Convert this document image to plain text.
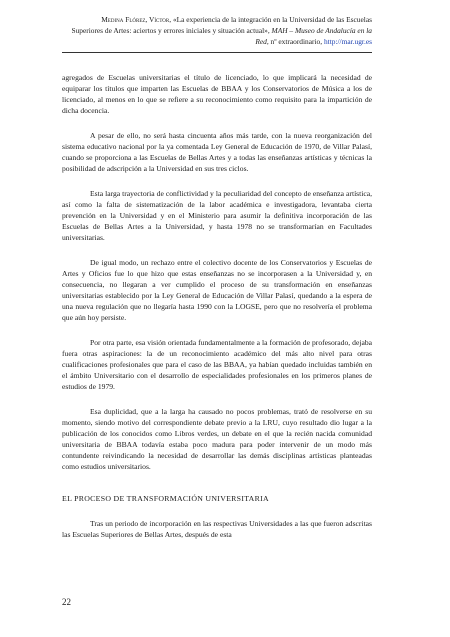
Medina Flórez, Víctor, «La experiencia de la integración en la Universidad de las Escuelas
Superiores de Artes: aciertos y errores iniciales y situación actual», MAH – Museo de Andalucía en la
Red, nº extraordinario, http://mar.ugr.es

agregados de Escuelas universitarias el título de licenciado, lo que implicará la necesidad de equiparar los títulos que imparten las Escuelas de BBAA y los Conservatorios de Música a los de licenciado, al menos en lo que se refiere a su reconocimiento como requisito para la impartición de dicha docencia.

A pesar de ello, no será hasta cincuenta años más tarde, con la nueva reorganización del sistema educativo nacional por la ya comentada Ley General de Educación de 1970, de Villar Palasí, cuando se proporciona a las Escuelas de Bellas Artes y a todas las enseñanzas artísticas y técnicas la posibilidad de adscripción a la Universidad en sus tres ciclos.

Esta larga trayectoria de conflictividad y la peculiaridad del concepto de enseñanza artística, así como la falta de sistematización de la labor académica e investigadora, levantaba cierta prevención en la Universidad y en el Ministerio para asumir la definitiva incorporación de las Escuelas de Bellas Artes a la Universidad, y hasta 1978 no se transformarían en Facultades universitarias.

De igual modo, un rechazo entre el colectivo docente de los Conservatorios y Escuelas de Artes y Oficios fue lo que hizo que estas enseñanzas no se incorporasen a la Universidad y, en consecuencia, no llegaran a ver cumplido el proceso de su transformación en enseñanzas universitarias establecido por la Ley General de Educación de Villar Palasí, quedando a la espera de una nueva regulación que no llegaría hasta 1990 con la LOGSE, pero que no resolvería el problema que aún hoy persiste.

Por otra parte, esa visión orientada fundamentalmente a la formación de profesorado, dejaba fuera otras aspiraciones: la de un reconocimiento académico del más alto nivel para otras cualificaciones profesionales que para el caso de las BBAA, ya habían quedado incluidas también en el ámbito Universitario con el desarrollo de especialidades profesionales en los primeros planes de estudios de 1979.

Esa duplicidad, que a la larga ha causado no pocos problemas, trató de resolverse en su momento, siendo motivo del correspondiente debate previo a la LRU, cuyo resultado dio lugar a la publicación de los conocidos como Libros verdes, un debate en el que la recién nacida comunidad universitaria de BBAA todavía estaba poco madura para poder intervenir de un modo más contundente reivindicando la necesidad de desarrollar las demás disciplinas artísticas planteadas como estudios universitarios.

EL PROCESO DE TRANSFORMACIÓN UNIVERSITARIA

Tras un periodo de incorporación en las respectivas Universidades a las que fueron adscritas las Escuelas Superiores de Bellas Artes, después de esta

22
